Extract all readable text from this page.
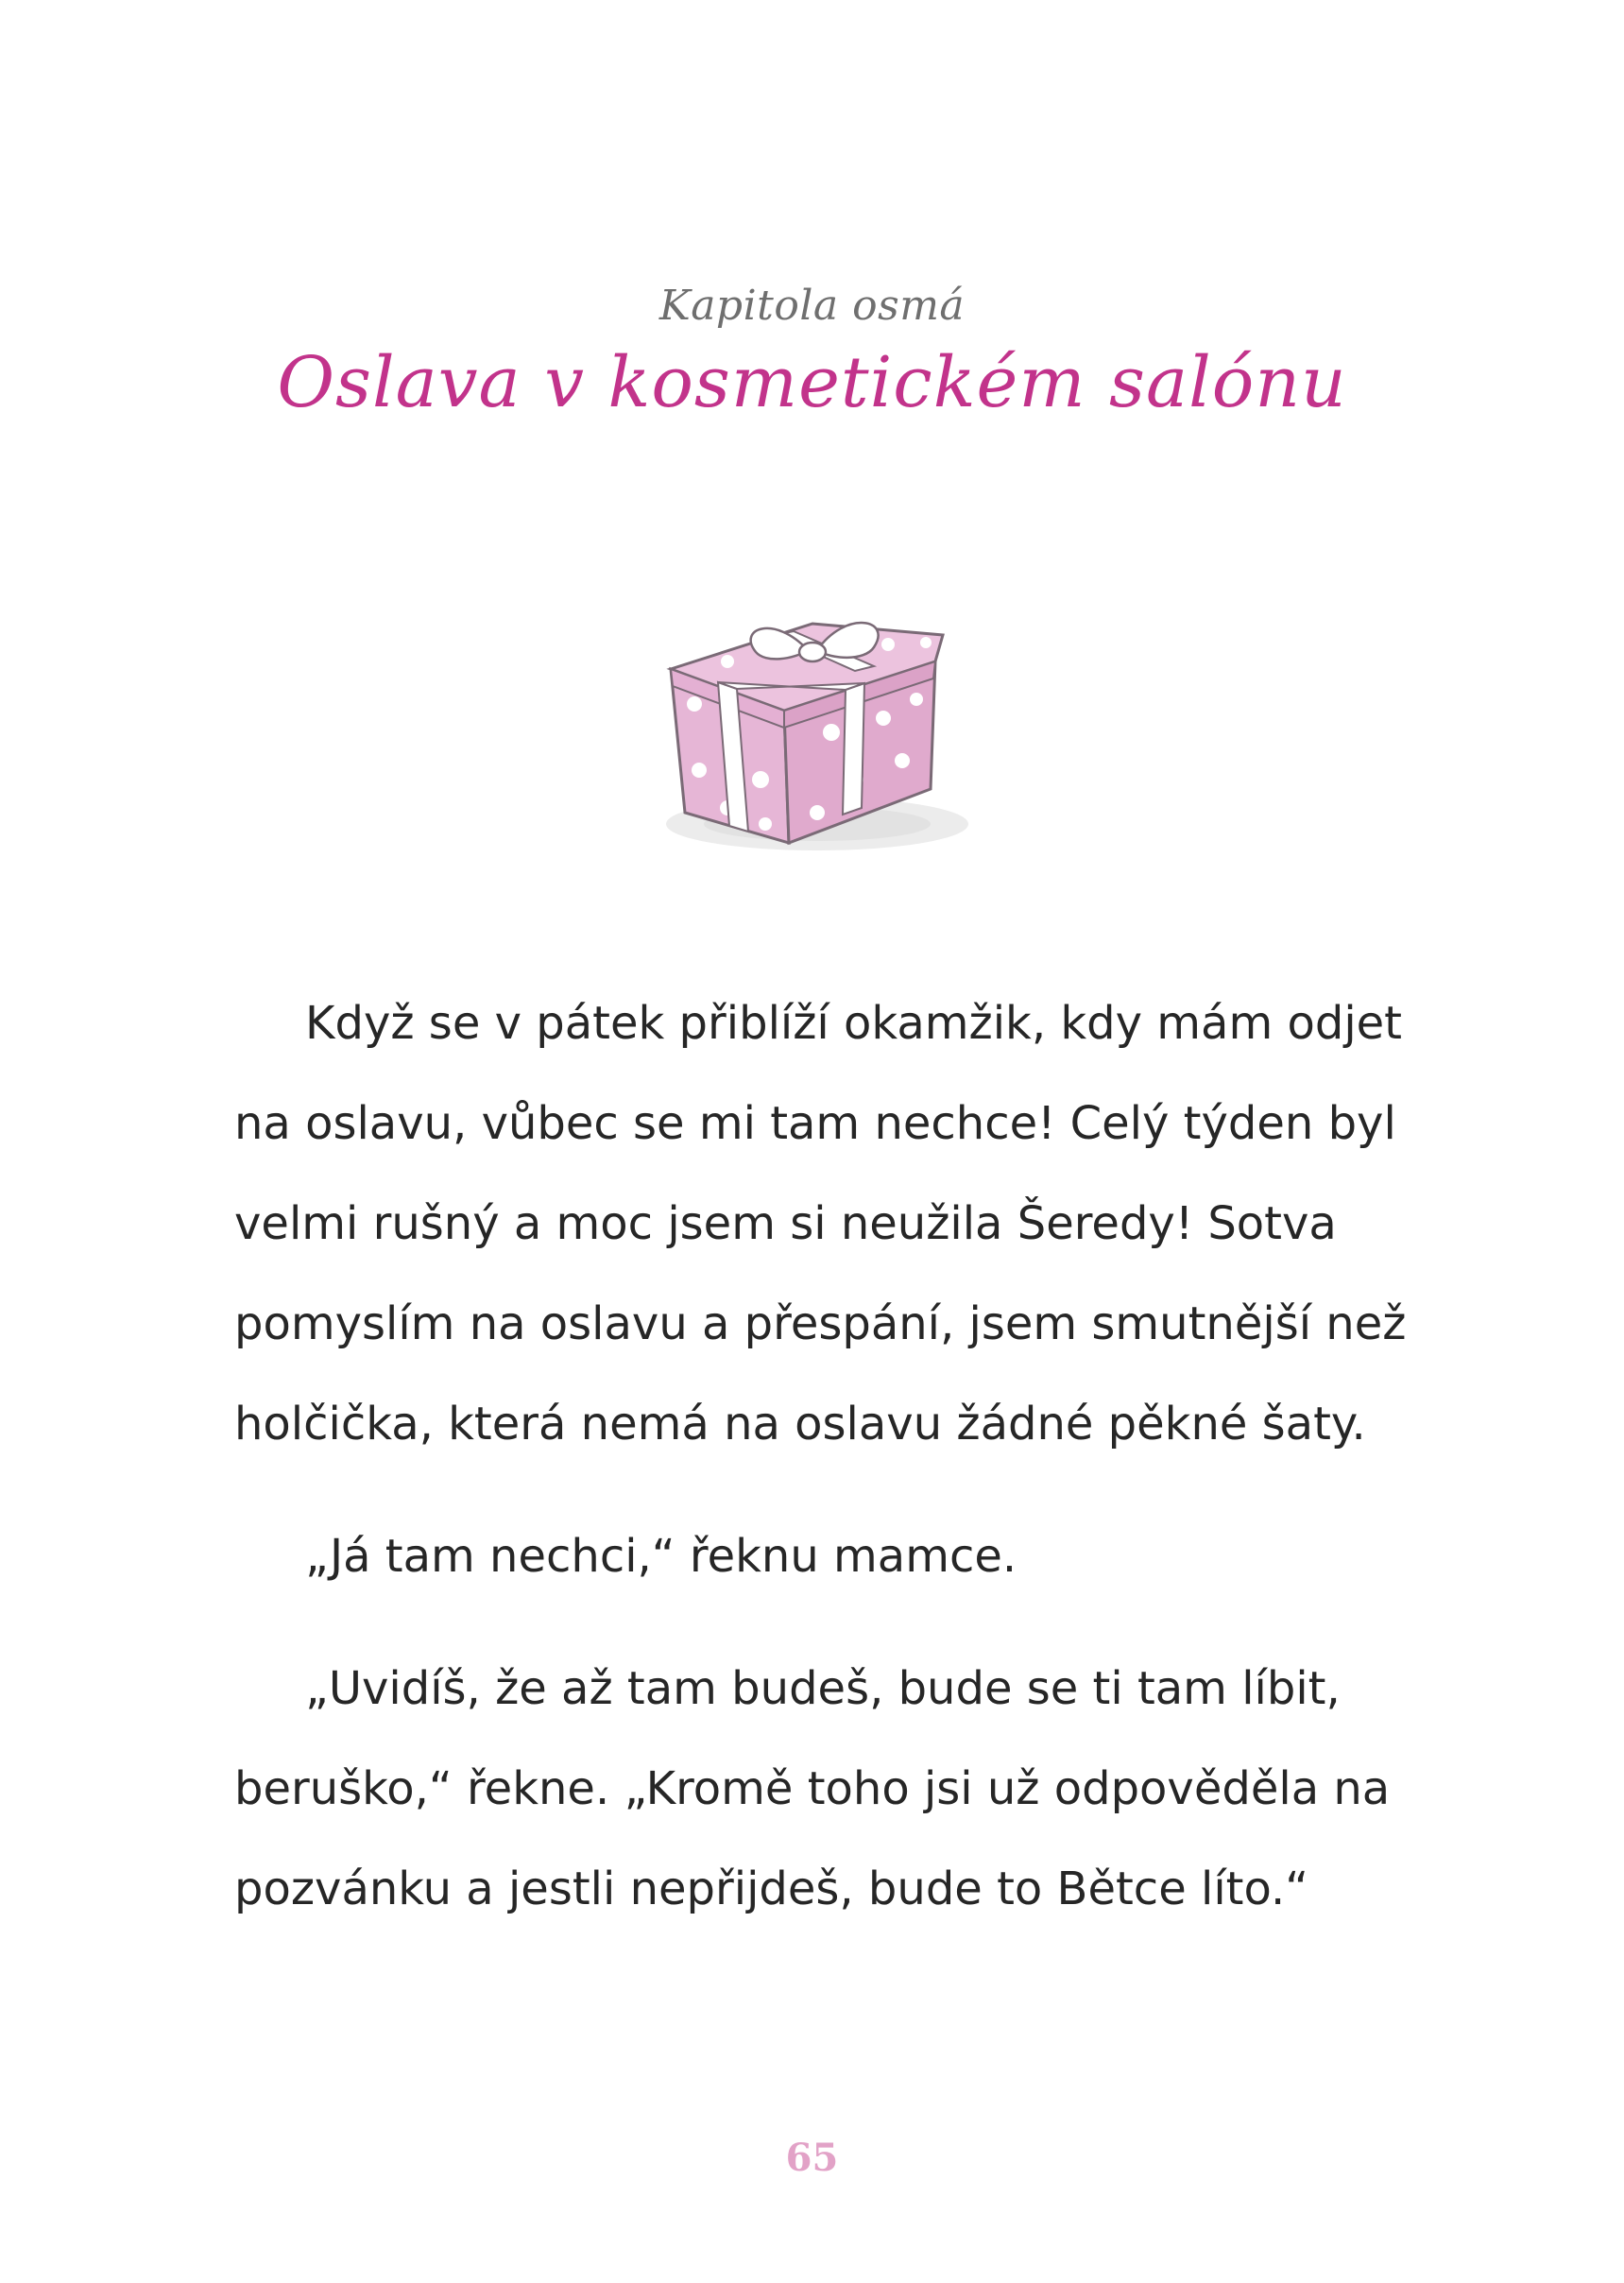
Kapitola osmá
Oslava v kosmetickém salónu

Když se v pátek přiblíží okamžik, kdy mám odjet
na oslavu, vůbec se mi tam nechce! Celý týden byl
velmi rušný a moc jsem si neužila Šeredy! Sotva
pomyslím na oslavu a přespání, jsem smutnější než
holčička, která nemá na oslavu žádné pěkné šaty.

„Já tam nechci,“ řeknu mamce.

„Uvidíš, že až tam budeš, bude se ti tam líbit,
beruško,“ řekne. „Kromě toho jsi už odpověděla na
pozvánku a jestli nepřijdeš, bude to Bětce líto.“

65
